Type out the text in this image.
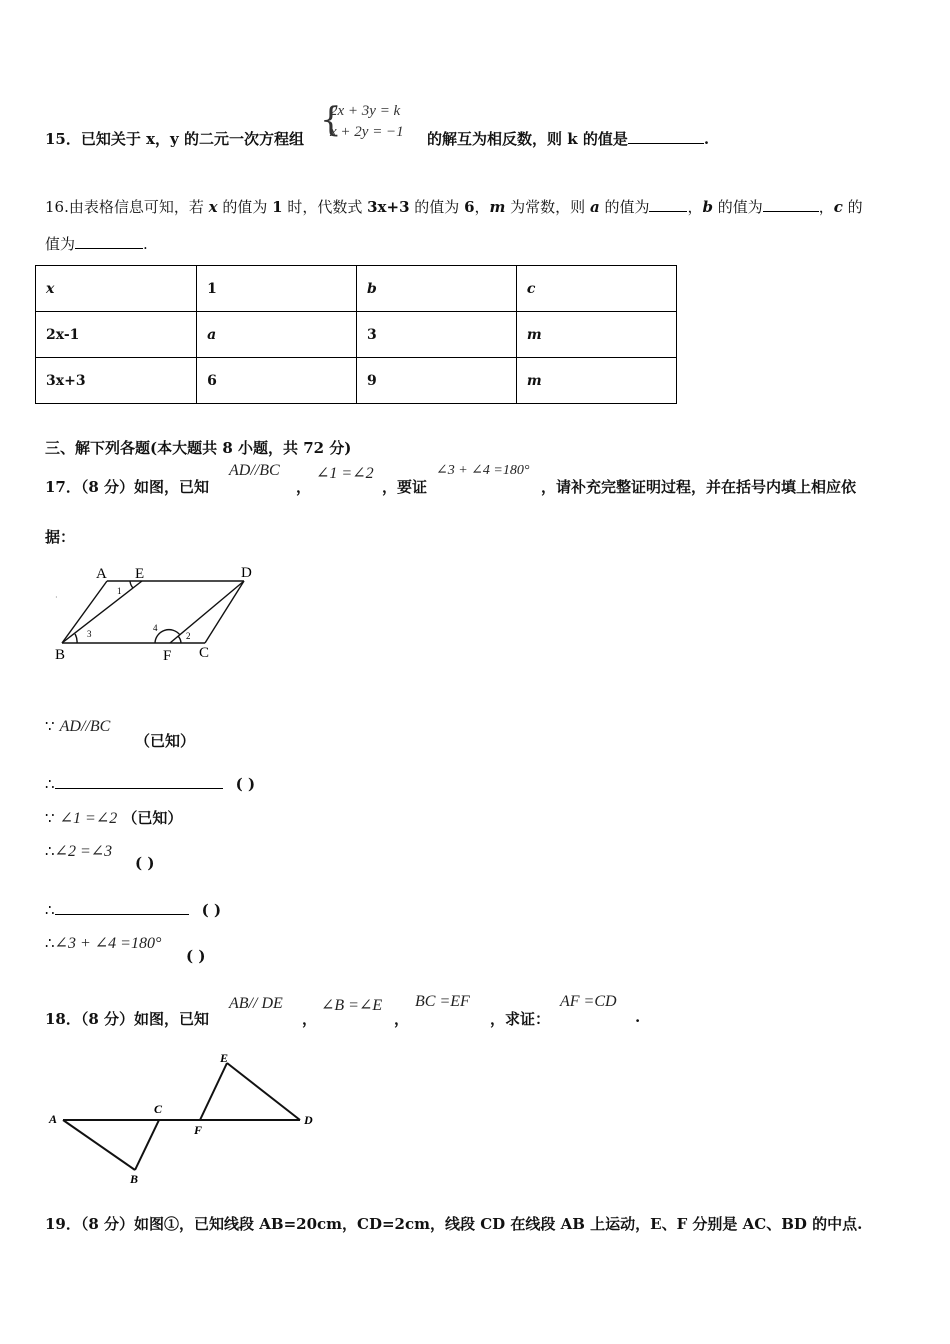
15．已知关于 x，y 的二元一次方程组 {
2x + 3y = k
x + 2y = −1 的解互为相反数，则 k 的值是	.
16.由表格信息可知，若 x 的值为 1 时，代数式 3x+3 的值为 6，m 为常数，则 a 的值为	，b 的值为	，c 的
值为	.
x	1	b	c
2x-1	a	3	m
3x+3	6	9	m
三、解下列各题(本大题共 8 小题，共 72 分)
17．（8 分）如图，已知
AD//BC
，
∠1 =∠2
，要证
∠3 + ∠4 =180°
，请补充完整证明过程，并在括号内填上相应依
据：
·
A E	D
B	F C
1
2
3
4
∵ AD//BC
（已知）
∴	( )
∵ ∠1 =∠2 （已知）
∴∠2 =∠3
( )
∴	( )
∴∠3 + ∠4 =180°
( )
18．（8 分）如图，已知
AB// DE
，
∠B =∠E
，
BC =EF
，求证：
AF =CD
.
E
A
C
F
D
B
19．（8 分）如图①，已知线段 AB=20cm，CD=2cm，线段 CD 在线段 AB 上运动，E、F 分别是 AC、BD 的中点.
